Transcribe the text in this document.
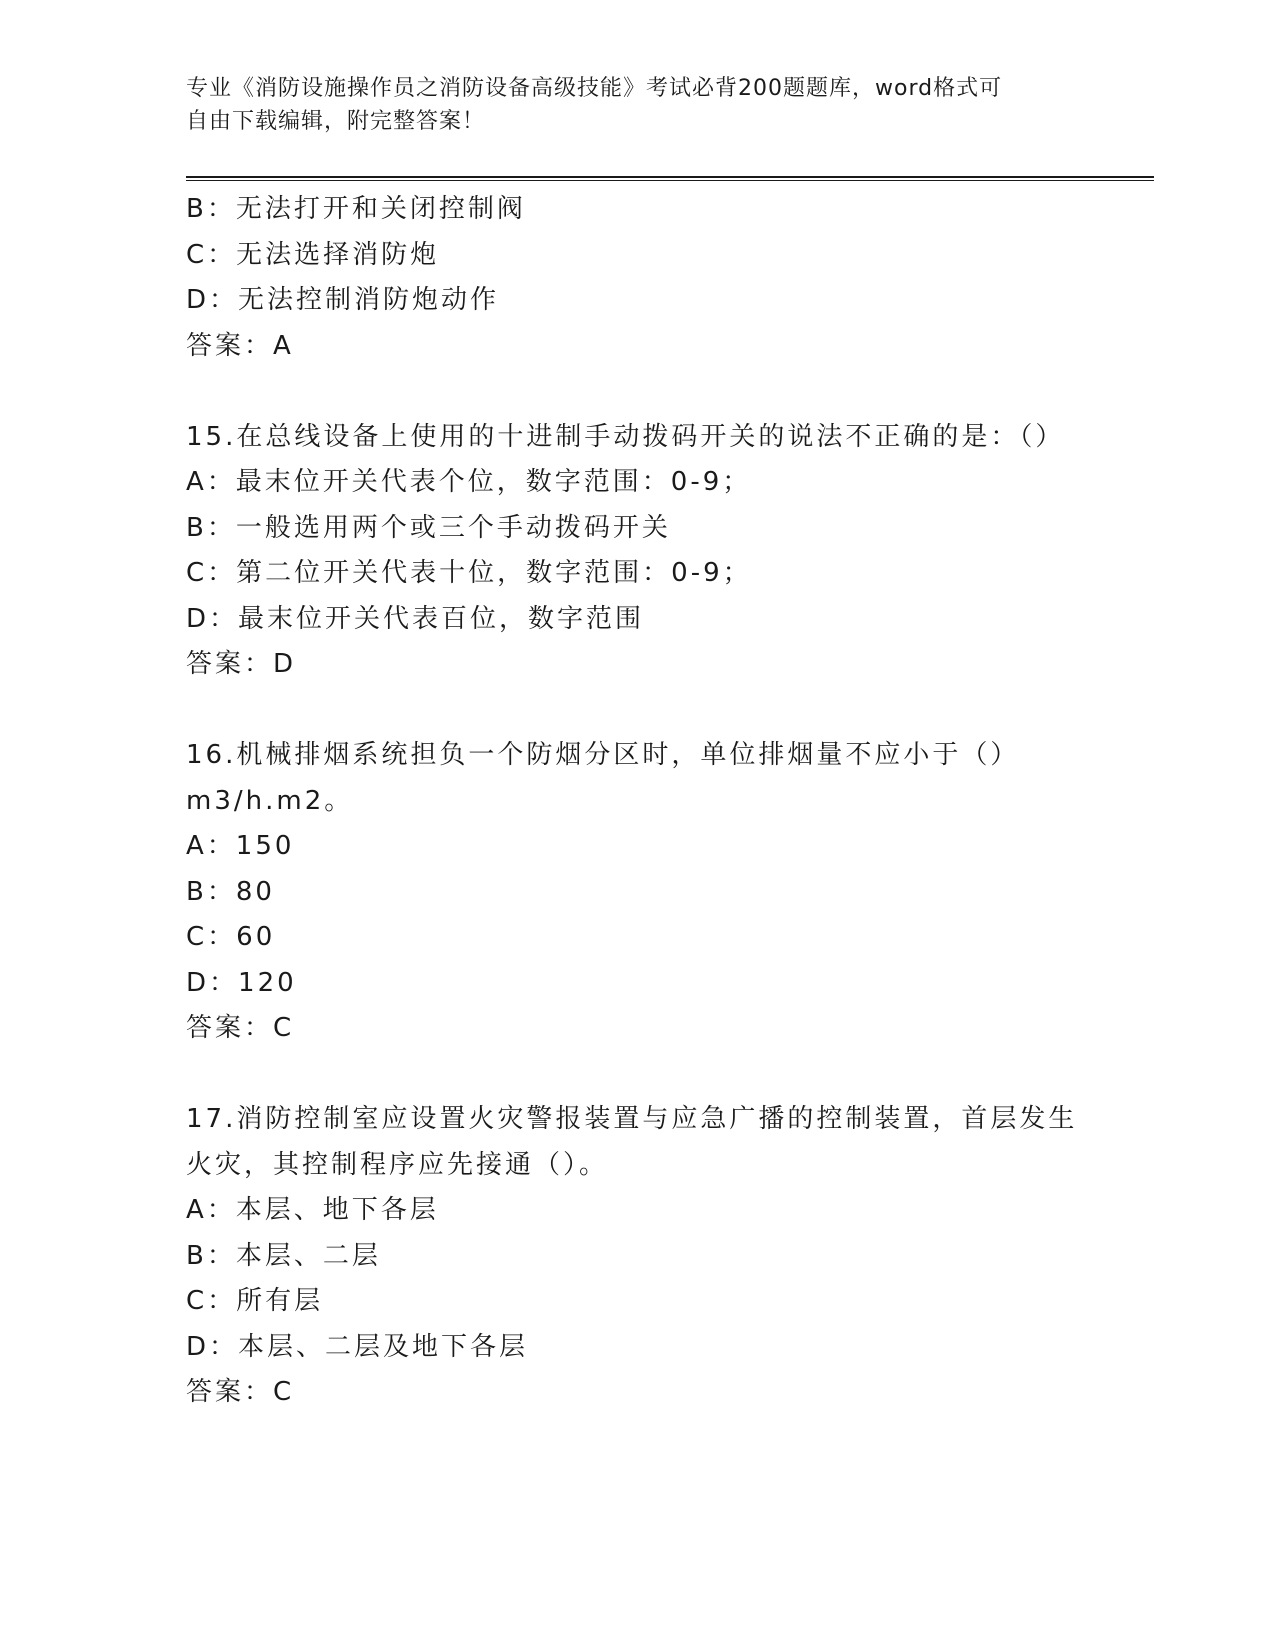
专业《消防设施操作员之消防设备高级技能》考试必背200题题库，word格式可
自由下载编辑，附完整答案！
B：无法打开和关闭控制阀
C：无法选择消防炮
D：无法控制消防炮动作
答案：A
15.在总线设备上使用的十进制手动拨码开关的说法不正确的是：（）
A：最末位开关代表个位，数字范围：0-9；
B：一般选用两个或三个手动拨码开关
C：第二位开关代表十位，数字范围：0-9；
D：最末位开关代表百位，数字范围
答案：D
16.机械排烟系统担负一个防烟分区时，单位排烟量不应小于（）
m3/h.m2。
A：150
B：80
C：60
D：120
答案：C
17.消防控制室应设置火灾警报装置与应急广播的控制装置，首层发生
火灾，其控制程序应先接通（）。
A：本层、地下各层
B：本层、二层
C：所有层
D：本层、二层及地下各层
答案：C
